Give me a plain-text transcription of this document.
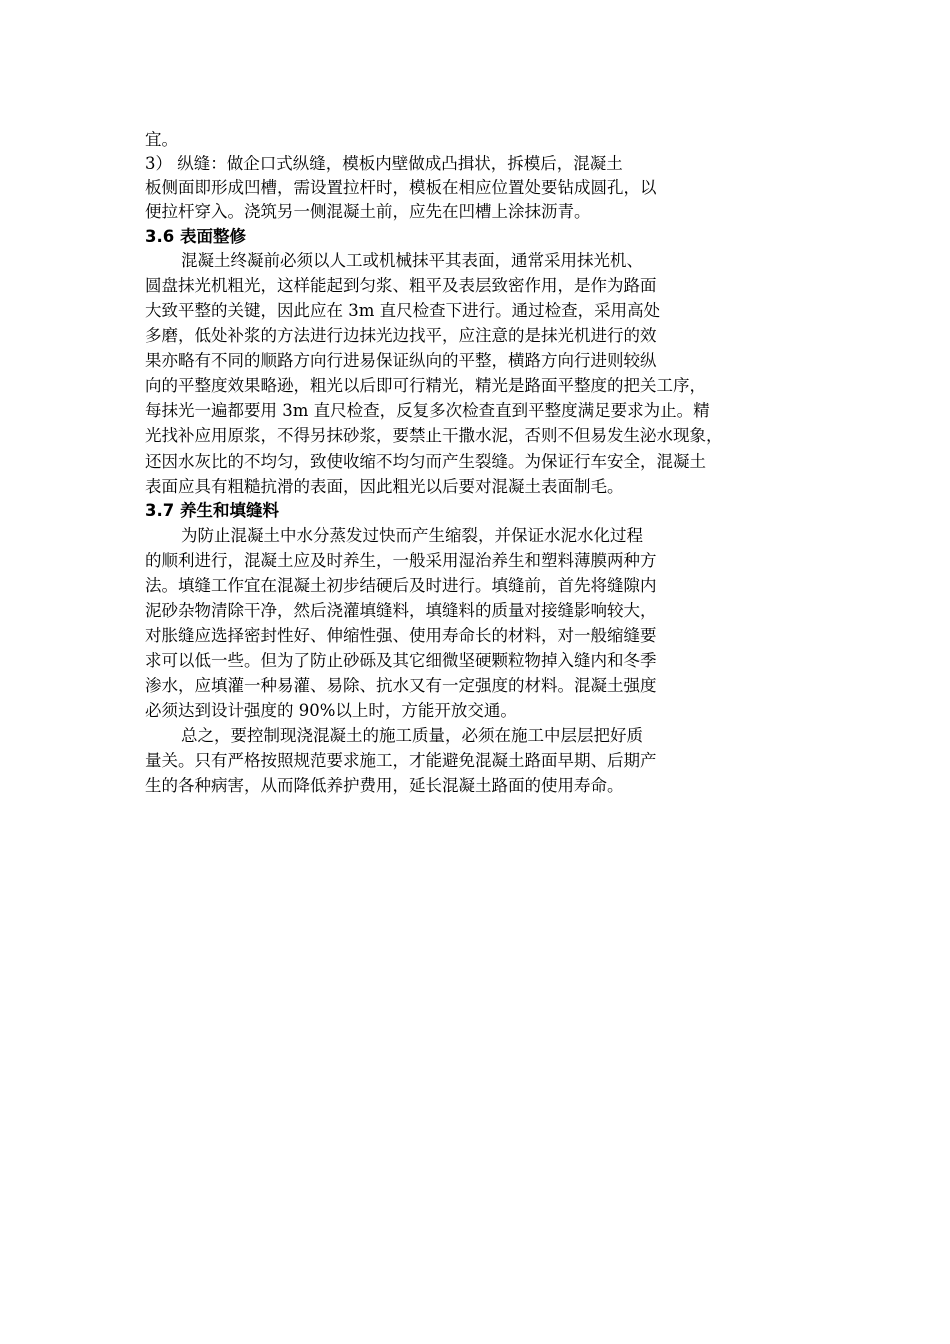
宜。
3） 纵缝：做企口式纵缝，模板内壁做成凸揖状，拆模后，混凝土
板侧面即形成凹槽，需设置拉杆时，模板在相应位置处要钻成圆孔，以
便拉杆穿入。浇筑另一侧混凝土前，应先在凹槽上涂抹沥青。
3.6 表面整修
混凝土终凝前必须以人工或机械抹平其表面，通常采用抹光机、
圆盘抹光机粗光，这样能起到匀浆、粗平及表层致密作用，是作为路面
大致平整的关键，因此应在 3m 直尺检查下进行。通过检查，采用高处
多磨，低处补浆的方法进行边抹光边找平，应注意的是抹光机进行的效
果亦略有不同的顺路方向行进易保证纵向的平整，横路方向行进则较纵
向的平整度效果略逊，粗光以后即可行精光，精光是路面平整度的把关工序，
每抹光一遍都要用 3m 直尺检查，反复多次检查直到平整度满足要求为止。精
光找补应用原浆，不得另抹砂浆，要禁止干撒水泥，否则不但易发生泌水现象，
还因水灰比的不均匀，致使收缩不均匀而产生裂缝。为保证行车安全，混凝土
表面应具有粗糙抗滑的表面，因此粗光以后要对混凝土表面制毛。
3.7 养生和填缝料
为防止混凝土中水分蒸发过快而产生缩裂，并保证水泥水化过程
的顺利进行，混凝土应及时养生，一般采用湿治养生和塑料薄膜两种方
法。填缝工作宜在混凝土初步结硬后及时进行。填缝前，首先将缝隙内
泥砂杂物清除干净，然后浇灌填缝料，填缝料的质量对接缝影响较大，
对胀缝应选择密封性好、伸缩性强、使用寿命长的材料，对一般缩缝要
求可以低一些。但为了防止砂砾及其它细微坚硬颗粒物掉入缝内和冬季
渗水，应填灌一种易灌、易除、抗水又有一定强度的材料。混凝土强度
必须达到设计强度的 90%以上时，方能开放交通。
总之，要控制现浇混凝土的施工质量，必须在施工中层层把好质
量关。只有严格按照规范要求施工，才能避免混凝土路面早期、后期产
生的各种病害，从而降低养护费用，延长混凝土路面的使用寿命。
